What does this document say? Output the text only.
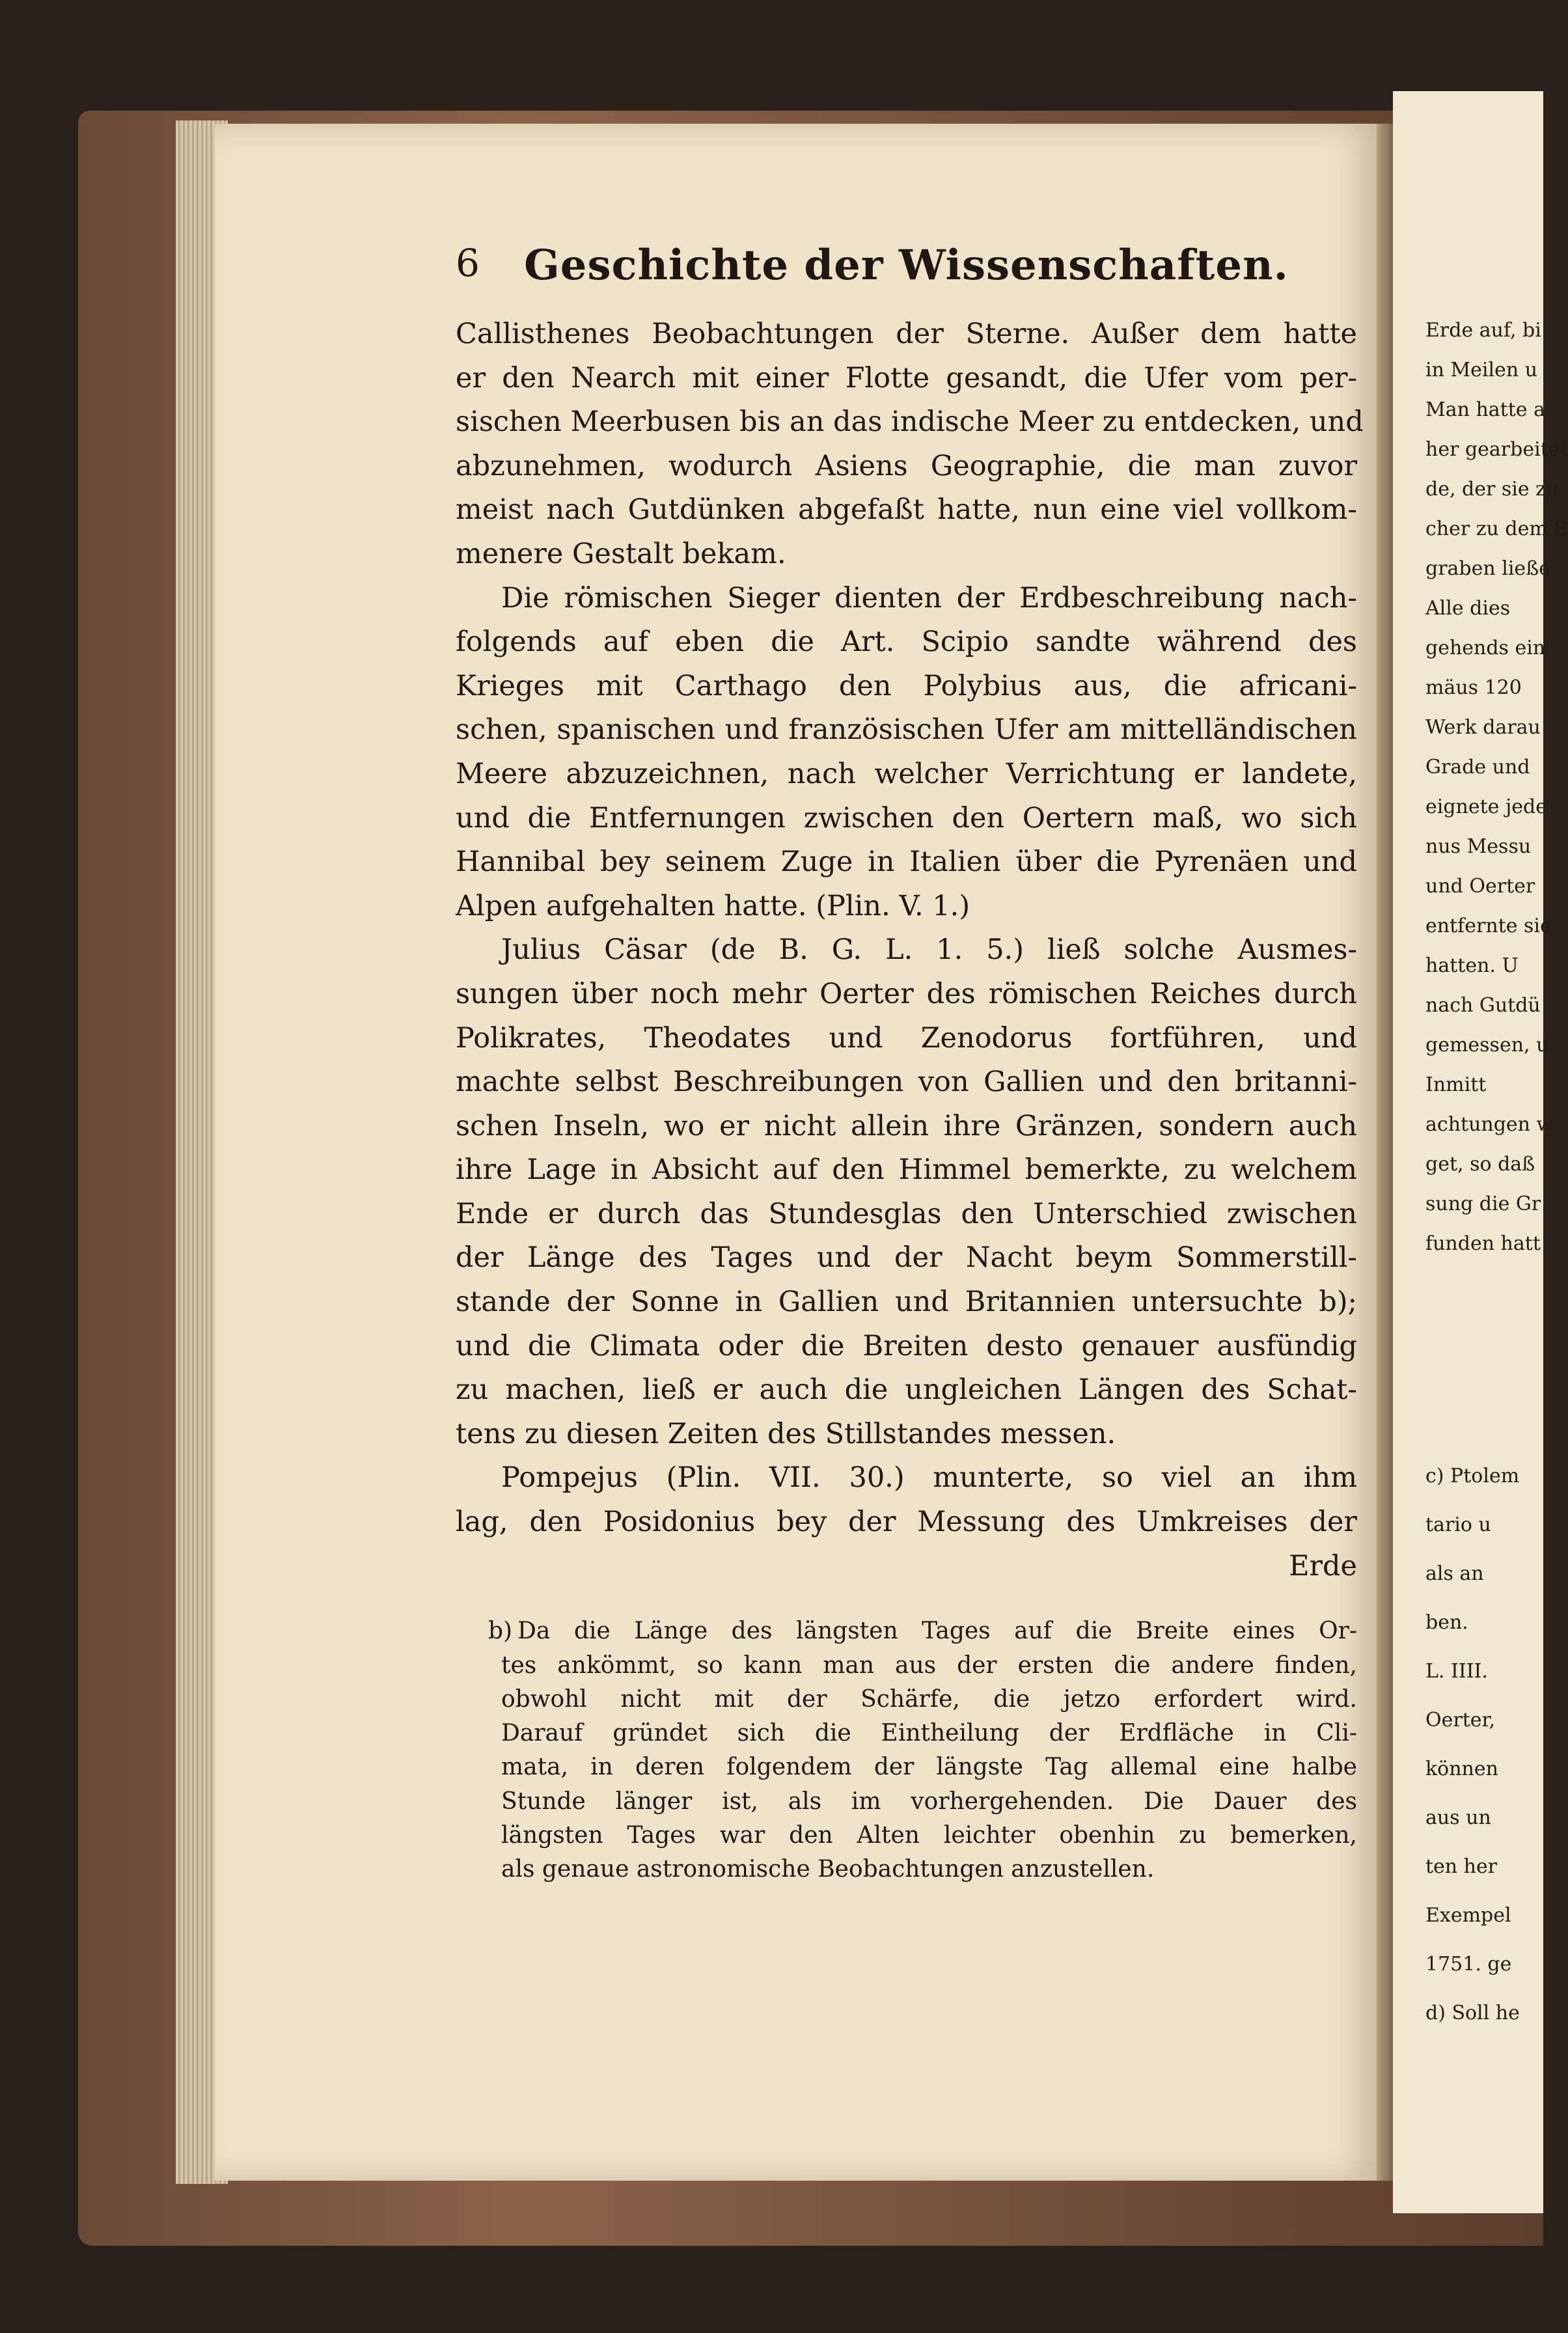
Erde auf, bi
in Meilen u
Man hatte a
her gearbeitet
de, der sie zu
cher zu dem E
graben ließe.
Alle dies
gehends ein
mäus 120
Werk darau
Grade und
eignete jede
nus Messu
und Oerter
entfernte sie
hatten. U
nach Gutdü
gemessen, u
Inmitt
achtungen w
get, so daß
sung die Gr
funden hatt
c) Ptolem
tario u
als an
ben.
L. IIII.
Oerter,
können
aus un
ten her
Exempel
1751. ge
d) Soll he
6	Geschichte der Wissenschaften.
Callisthenes Beobachtungen der Sterne. Außer dem hatte
er den Nearch mit einer Flotte gesandt, die Ufer vom per-
sischen Meerbusen bis an das indische Meer zu entdecken, und
abzunehmen, wodurch Asiens Geographie, die man zuvor
meist nach Gutdünken abgefaßt hatte, nun eine viel vollkom-
menere Gestalt bekam.
Die römischen Sieger dienten der Erdbeschreibung nach-
folgends auf eben die Art. Scipio sandte während des
Krieges mit Carthago den Polybius aus, die africani-
schen, spanischen und französischen Ufer am mittelländischen
Meere abzuzeichnen, nach welcher Verrichtung er landete,
und die Entfernungen zwischen den Oertern maß, wo sich
Hannibal bey seinem Zuge in Italien über die Pyrenäen und
Alpen aufgehalten hatte. (Plin. V. 1.)
Julius Cäsar (de B. G. L. 1. 5.) ließ solche Ausmes-
sungen über noch mehr Oerter des römischen Reiches durch
Polikrates, Theodates und Zenodorus fortführen, und
machte selbst Beschreibungen von Gallien und den britanni-
schen Inseln, wo er nicht allein ihre Gränzen, sondern auch
ihre Lage in Absicht auf den Himmel bemerkte, zu welchem
Ende er durch das Stundesglas den Unterschied zwischen
der Länge des Tages und der Nacht beym Sommerstill-
stande der Sonne in Gallien und Britannien untersuchte b);
und die Climata oder die Breiten desto genauer ausfündig
zu machen, ließ er auch die ungleichen Längen des Schat-
tens zu diesen Zeiten des Stillstandes messen.
Pompejus (Plin. VII. 30.) munterte, so viel an ihm
lag, den Posidonius bey der Messung des Umkreises der
Erde
b) Da die Länge des längsten Tages auf die Breite eines Or-
tes ankömmt, so kann man aus der ersten die andere finden,
obwohl nicht mit der Schärfe, die jetzo erfordert wird.
Darauf gründet sich die Eintheilung der Erdfläche in Cli-
mata, in deren folgendem der längste Tag allemal eine halbe
Stunde länger ist, als im vorhergehenden. Die Dauer des
längsten Tages war den Alten leichter obenhin zu bemerken,
als genaue astronomische Beobachtungen anzustellen.
